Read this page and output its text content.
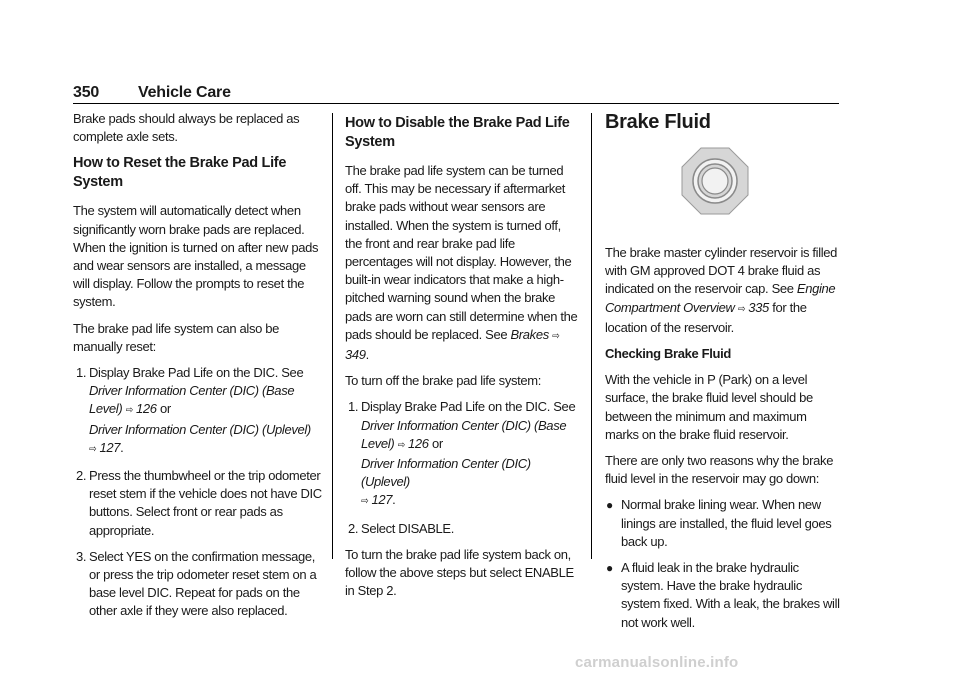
350 Vehicle Care

Brake pads should always be replaced as complete axle sets.

How to Reset the Brake Pad Life System

The system will automatically detect when significantly worn brake pads are replaced. When the ignition is turned on after new pads and wear sensors are installed, a message will display. Follow the prompts to reset the system.

The brake pad life system can also be manually reset:

1. Display Brake Pad Life on the DIC. See
Driver Information Center (DIC) (Base Level) ⇨ 126 or
Driver Information Center (DIC) (Uplevel)
⇨ 127.
2. Press the thumbwheel or the trip odometer reset stem if the vehicle does not have DIC buttons. Select front or rear pads as appropriate.
3. Select YES on the confirmation message, or press the trip odometer reset stem on a base level DIC. Repeat for pads on the other axle if they were also replaced.
How to Disable the Brake Pad Life System

The brake pad life system can be turned off. This may be necessary if aftermarket brake pads without wear sensors are installed. When the system is turned off, the front and rear brake pad life percentages will not display. However, the built-in wear indicators that make a high-pitched warning sound when the brake pads are worn can still determine when the pads should be replaced. See Brakes ⇨ 349.

To turn off the brake pad life system:

1. Display Brake Pad Life on the DIC. See
Driver Information Center (DIC) (Base Level) ⇨ 126 or
Driver Information Center (DIC) (Uplevel)
⇨ 127.
2. Select DISABLE.

To turn the brake pad life system back on, follow the above steps but select ENABLE in Step 2.

Brake Fluid

The brake master cylinder reservoir is filled with GM approved DOT 4 brake fluid as indicated on the reservoir cap. See Engine Compartment Overview ⇨ 335 for the location of the reservoir.

Checking Brake Fluid

With the vehicle in P (Park) on a level surface, the brake fluid level should be between the minimum and maximum marks on the brake fluid reservoir.

There are only two reasons why the brake fluid level in the reservoir may go down:

● Normal brake lining wear. When new linings are installed, the fluid level goes back up.
● A fluid leak in the brake hydraulic system. Have the brake hydraulic system fixed. With a leak, the brakes will not work well.
carmanualsonline.info
